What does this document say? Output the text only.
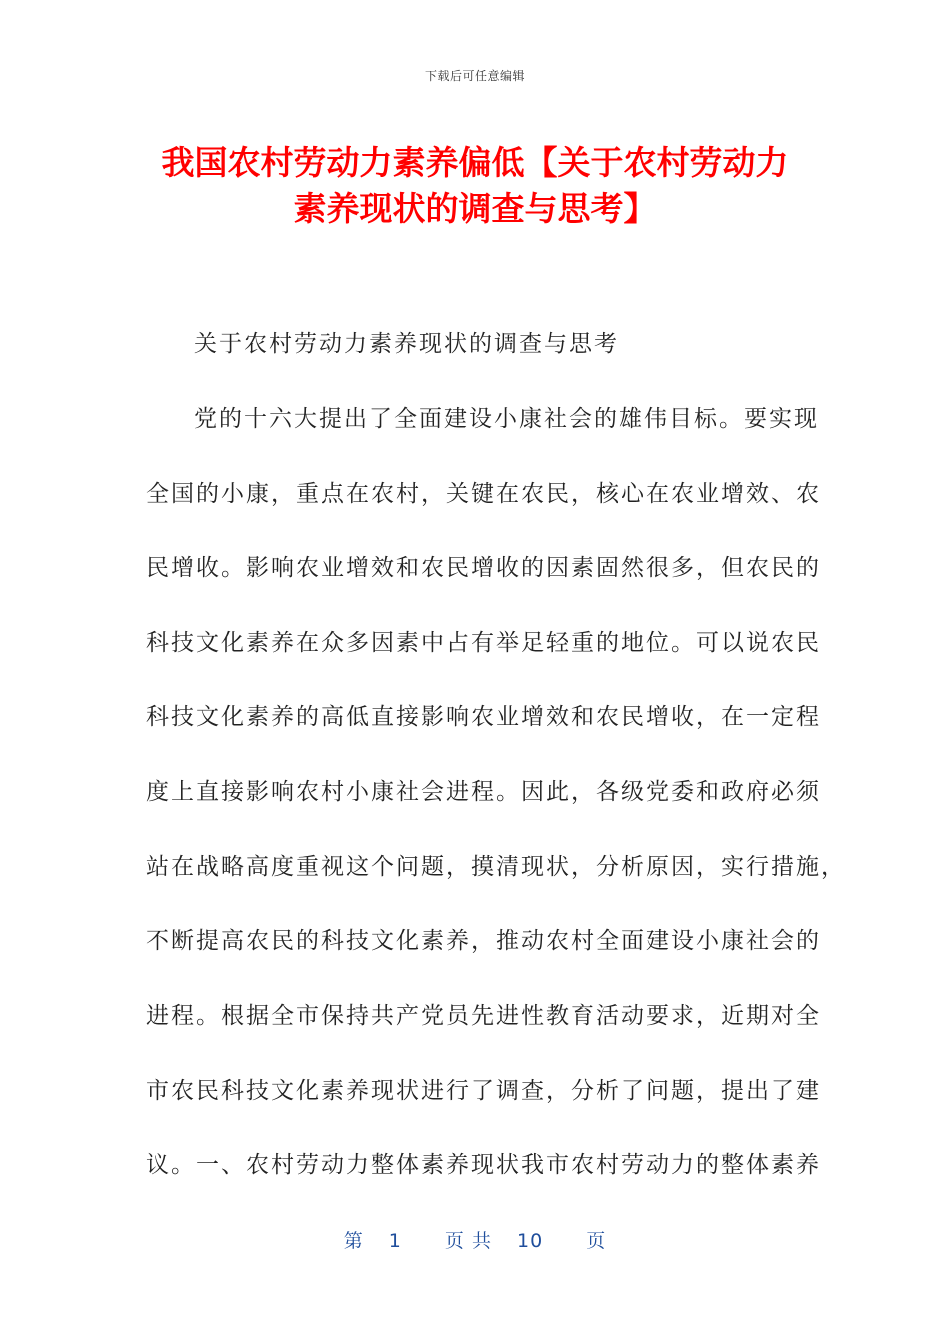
下载后可任意编辑
我国农村劳动力素养偏低【关于农村劳动力
素养现状的调查与思考】
关于农村劳动力素养现状的调查与思考
党的十六大提出了全面建设小康社会的雄伟目标。要实现
全国的小康，重点在农村，关键在农民，核心在农业增效、农
民增收。影响农业增效和农民增收的因素固然很多，但农民的
科技文化素养在众多因素中占有举足轻重的地位。可以说农民
科技文化素养的高低直接影响农业增效和农民增收，在一定程
度上直接影响农村小康社会进程。因此，各级党委和政府必须
站在战略高度重视这个问题，摸清现状，分析原因，实行措施，
不断提高农民的科技文化素养，推动农村全面建设小康社会的
进程。根据全市保持共产党员先进性教育活动要求，近期对全
市农民科技文化素养现状进行了调查，分析了问题，提出了建
议。一、农村劳动力整体素养现状我市农村劳动力的整体素养
第 1 页 共 10 页
